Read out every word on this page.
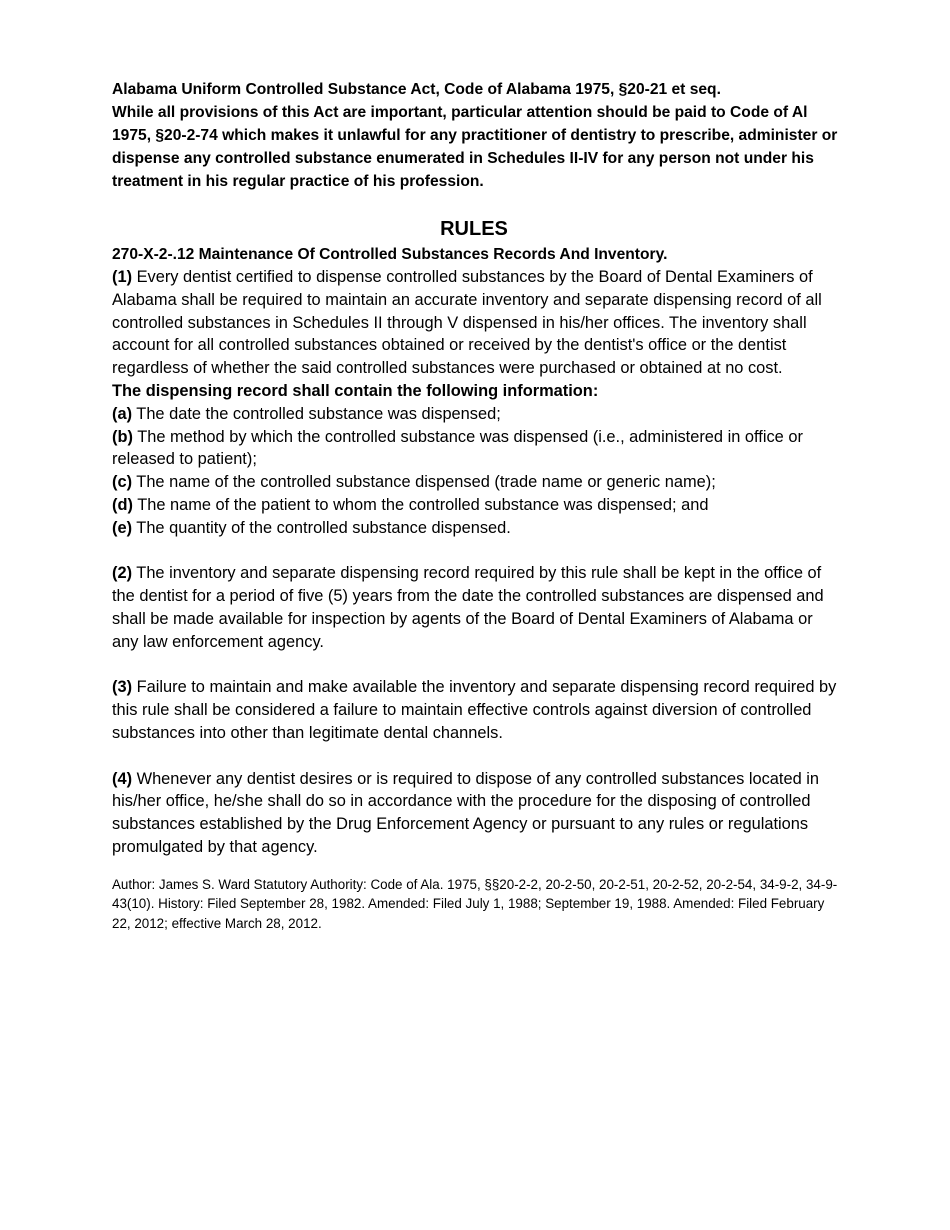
Alabama Uniform Controlled Substance Act, Code of Alabama 1975, §20-21 et seq.

While all provisions of this Act are important, particular attention should be paid to Code of Al 1975, §20-2-74 which makes it unlawful for any practitioner of dentistry to prescribe, administer or dispense any controlled substance enumerated in Schedules II-IV for any person not under his treatment in his regular practice of his profession.

RULES

270-X-2-.12 Maintenance Of Controlled Substances Records And Inventory.

(1) Every dentist certified to dispense controlled substances by the Board of Dental Examiners of Alabama shall be required to maintain an accurate inventory and separate dispensing record of all controlled substances in Schedules II through V dispensed in his/her offices. The inventory shall account for all controlled substances obtained or received by the dentist's office or the dentist regardless of whether the said controlled substances were purchased or obtained at no cost.

The dispensing record shall contain the following information:

(a) The date the controlled substance was dispensed;

(b) The method by which the controlled substance was dispensed (i.e., administered in office or released to patient);

(c) The name of the controlled substance dispensed (trade name or generic name);

(d) The name of the patient to whom the controlled substance was dispensed; and

(e) The quantity of the controlled substance dispensed.

(2) The inventory and separate dispensing record required by this rule shall be kept in the office of the dentist for a period of five (5) years from the date the controlled substances are dispensed and shall be made available for inspection by agents of the Board of Dental Examiners of Alabama or any law enforcement agency.

(3) Failure to maintain and make available the inventory and separate dispensing record required by this rule shall be considered a failure to maintain effective controls against diversion of controlled substances into other than legitimate dental channels.

(4) Whenever any dentist desires or is required to dispose of any controlled substances located in his/her office, he/she shall do so in accordance with the procedure for the disposing of controlled substances established by the Drug Enforcement Agency or pursuant to any rules or regulations promulgated by that agency.

Author: James S. Ward Statutory Authority: Code of Ala. 1975, §§20-2-2, 20-2-50, 20-2-51, 20-2-52, 20-2-54, 34-9-2, 34-9-43(10). History: Filed September 28, 1982. Amended: Filed July 1, 1988; September 19, 1988. Amended: Filed February 22, 2012; effective March 28, 2012.
